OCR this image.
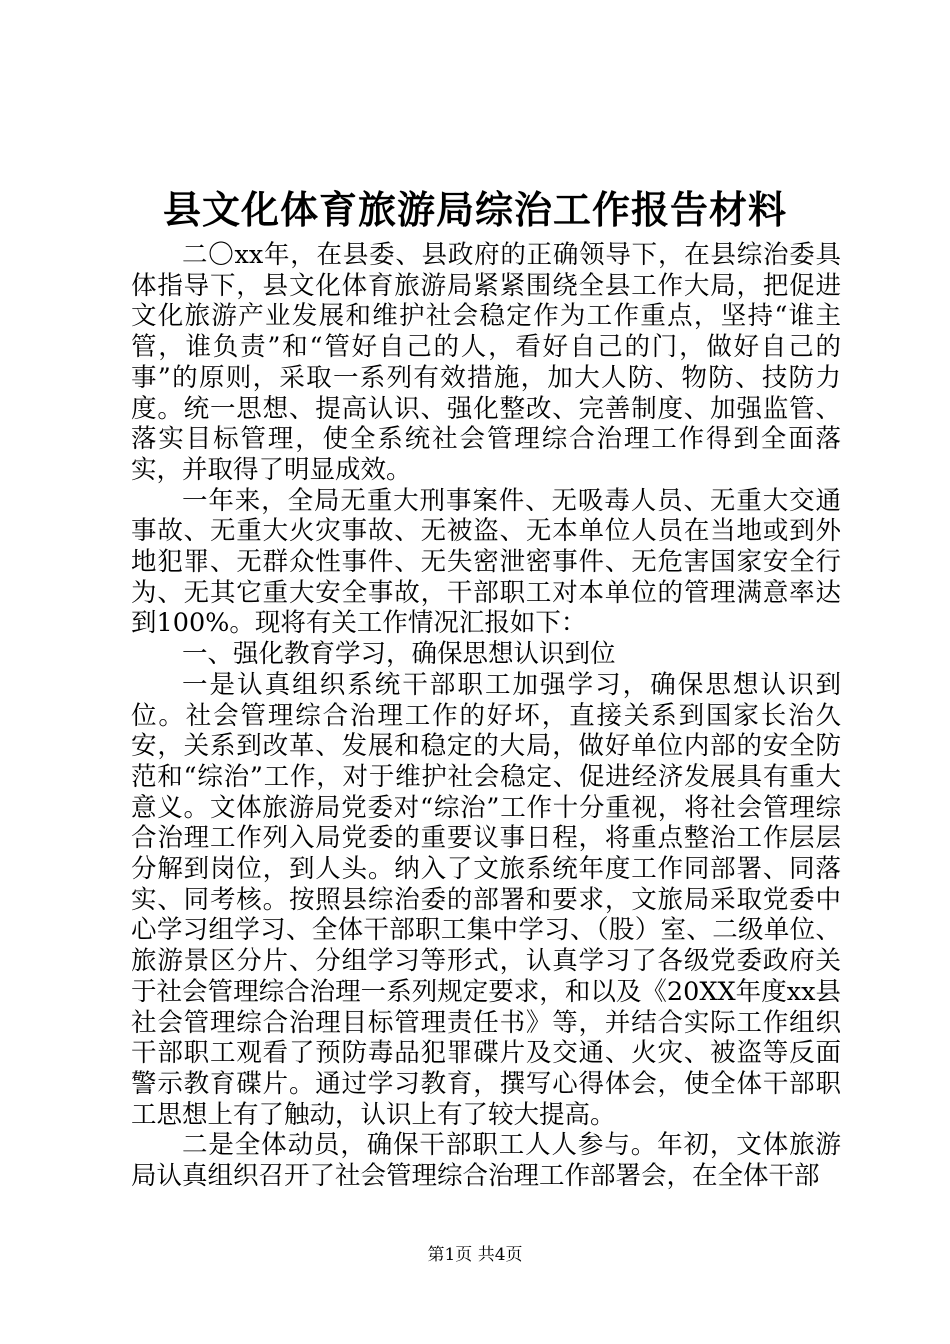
县文化体育旅游局综治工作报告材料

二〇xx年，在县委、县政府的正确领导下，在县综治委具体指导下，县文化体育旅游局紧紧围绕全县工作大局，把促进文化旅游产业发展和维护社会稳定作为工作重点，坚持“谁主管，谁负责”和“管好自己的人，看好自己的门，做好自己的事”的原则，采取一系列有效措施，加大人防、物防、技防力度。统一思想、提高认识、强化整改、完善制度、加强监管、落实目标管理，使全系统社会管理综合治理工作得到全面落实，并取得了明显成效。

一年来，全局无重大刑事案件、无吸毒人员、无重大交通事故、无重大火灾事故、无被盗、无本单位人员在当地或到外地犯罪、无群众性事件、无失密泄密事件、无危害国家安全行为、无其它重大安全事故，干部职工对本单位的管理满意率达到100%。现将有关工作情况汇报如下：

一、强化教育学习，确保思想认识到位

一是认真组织系统干部职工加强学习，确保思想认识到位。社会管理综合治理工作的好坏，直接关系到国家长治久安，关系到改革、发展和稳定的大局，做好单位内部的安全防范和“综治”工作，对于维护社会稳定、促进经济发展具有重大意义。文体旅游局党委对“综治”工作十分重视，将社会管理综合治理工作列入局党委的重要议事日程，将重点整治工作层层分解到岗位，到人头。纳入了文旅系统年度工作同部署、同落实、同考核。按照县综治委的部署和要求，文旅局采取党委中心学习组学习、全体干部职工集中学习、（股）室、二级单位、旅游景区分片、分组学习等形式，认真学习了各级党委政府关于社会管理综合治理一系列规定要求，和以及《20XX年度xx县社会管理综合治理目标管理责任书》等，并结合实际工作组织干部职工观看了预防毒品犯罪碟片及交通、火灾、被盗等反面警示教育碟片。通过学习教育，撰写心得体会，使全体干部职工思想上有了触动，认识上有了较大提高。

二是全体动员，确保干部职工人人参与。年初，文体旅游局认真组织召开了社会管理综合治理工作部署会，在全体干部

第1页 共4页
